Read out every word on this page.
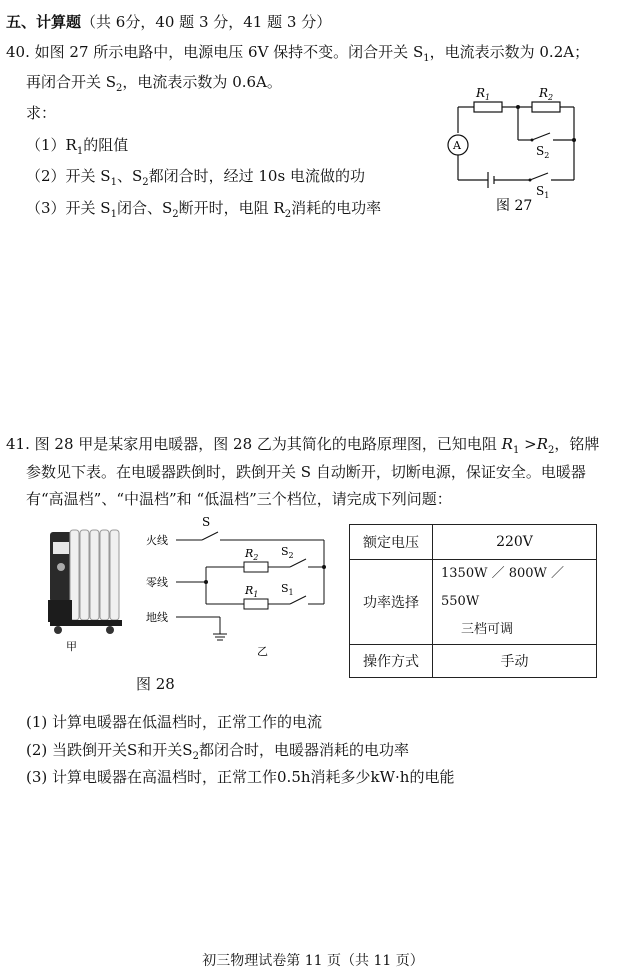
五、计算题（共 6分，40 题 3 分，41 题 3 分）
40. 如图 27 所示电路中，电源电压 6V 保持不变。闭合开关 $S_1$，电流表示数为 0.2A；
再闭合开关 $S_2$，电流表示数为 0.6A。
求：
$(1)R_1$的阻值
（2）开关 $S_1$、$S_2$都闭合时，经过 10s 电流做的功
（3）开关 $S_1$闭合、$S_2$断开时，电阻 $R_2$消耗的电功率
$R_1$	$R_2$
$S_2$
$S_1$
A
图 27
41. 图 28 甲是某家用电暖器，图 28 乙为其简化的电路原理图，已知电阻 $R_1 >R_2$，铭牌
参数见下表。在电暖器跌倒时，跌倒开关 S 自动断开，切断电源，保证安全。电暖器
有“高温档”、“中温档”和 “低温档”三个档位，请完成下列问题：
甲
火线
零线
地线
S
$R_2$
$R_1$
$S_2$
$S_1$
乙
额定电压	220V
功率选择	1350W ／ 800W ／ 550W
三档可调

操作方式	手动
图 28
(1) 计算电暖器在低温档时，正常工作的电流
(2) 当跌倒开关S和开关$S_2$都闭合时，电暖器消耗的电功率
(3) 计算电暖器在高温档时，正常工作0.5h消耗多少kW·h的电能
初三物理试卷第 11 页（共 11 页）
